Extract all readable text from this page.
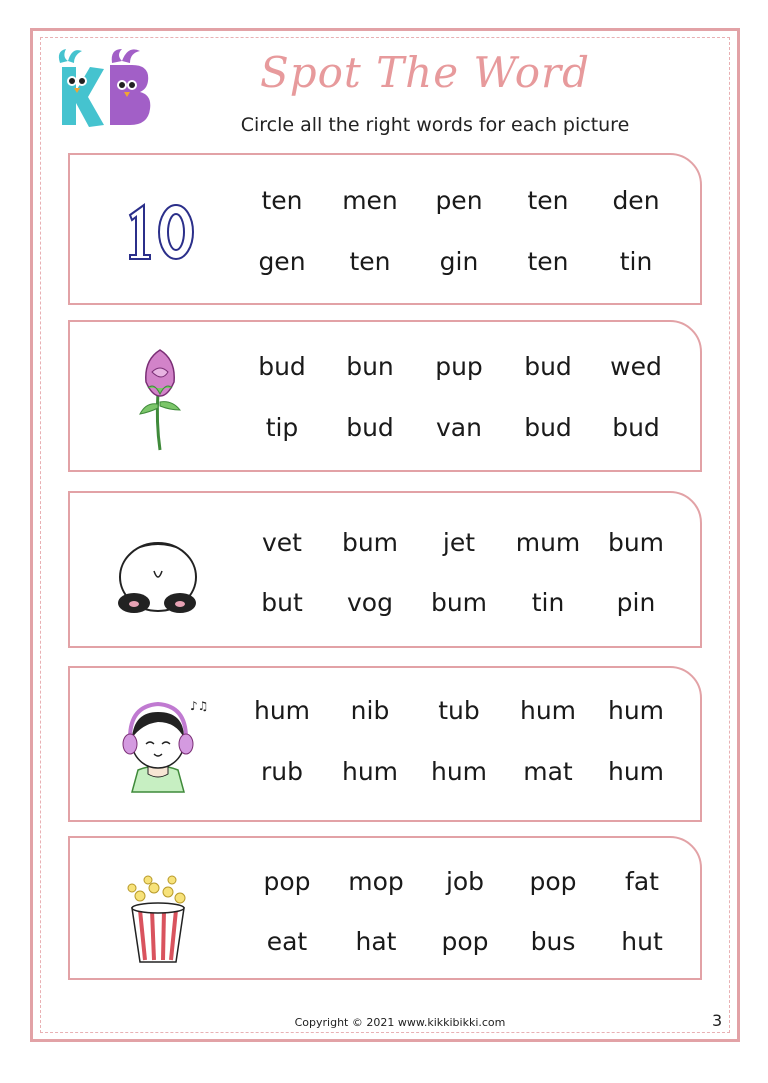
Spot The Word
Circle all the right words for each picture
ten	men	pen	ten	den
gen	ten	gin	ten	tin
bud	bun	pup	bud	wed
tip	bud	van	bud	bud
vet	bum	jet	mum	bum
but	vog	bum	tin	pin
♪♫	hum	nib	tub	hum	hum
rub	hum	hum	mat	hum
pop	mop	job	pop	fat
eat	hat	pop	bus	hut
Copyright © 2021 www.kikkibikki.com	3
